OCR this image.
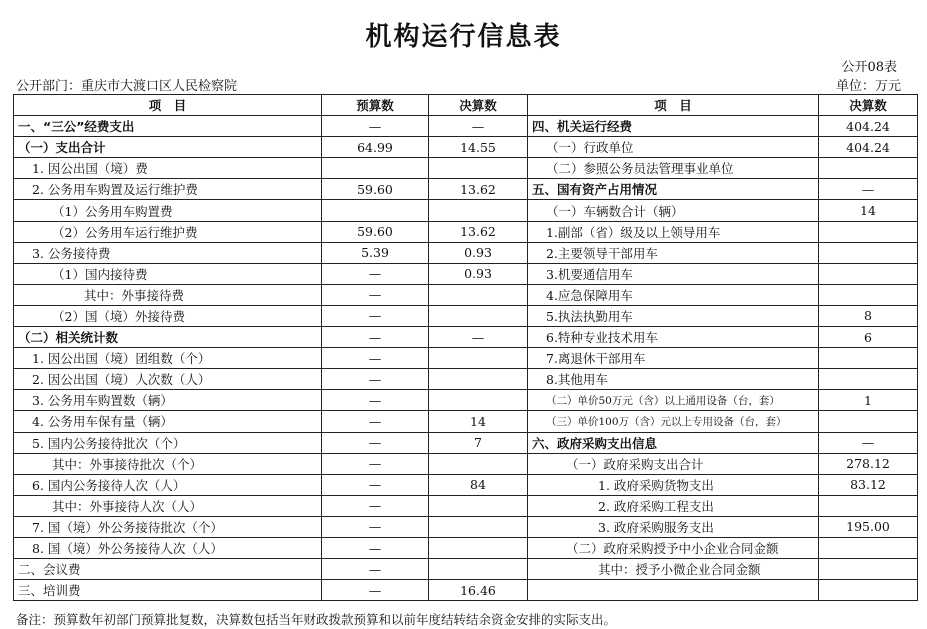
机构运行信息表
公开08表
公开部门：重庆市大渡口区人民检察院	单位：万元
项　目	预算数	决算数	项　目	决算数
一、“三公”经费支出	—	—	四、机关运行经费	404.24
（一）支出合计	64.99	14.55	（一）行政单位	404.24
1. 因公出国（境）费			（二）参照公务员法管理事业单位	
2. 公务用车购置及运行维护费	59.60	13.62	五、国有资产占用情况	—
（1）公务用车购置费			（一）车辆数合计（辆）	14
（2）公务用车运行维护费	59.60	13.62	1.副部（省）级及以上领导用车	
3. 公务接待费	5.39	0.93	2.主要领导干部用车	
（1）国内接待费	—	0.93	3.机要通信用车	
其中：外事接待费	—		4.应急保障用车	
（2）国（境）外接待费	—		5.执法执勤用车	8
（二）相关统计数	—	—	6.特种专业技术用车	6
1. 因公出国（境）团组数（个）	—		7.离退休干部用车	
2. 因公出国（境）人次数（人）	—		8.其他用车	
3. 公务用车购置数（辆）	—		（二）单价50万元（含）以上通用设备（台，套）	1
4. 公务用车保有量（辆）	—	14	（三）单价100万（含）元以上专用设备（台，套）	
5. 国内公务接待批次（个）	—	7	六、政府采购支出信息	—
其中：外事接待批次（个）	—		（一）政府采购支出合计	278.12
6. 国内公务接待人次（人）	—	84	1. 政府采购货物支出	83.12
其中：外事接待人次（人）	—		2. 政府采购工程支出	
7. 国（境）外公务接待批次（个）	—		3. 政府采购服务支出	195.00
8. 国（境）外公务接待人次（人）	—		（二）政府采购授予中小企业合同金额	
二、会议费	—		其中：授予小微企业合同金额	
三、培训费	—	16.46		
备注：预算数年初部门预算批复数，决算数包括当年财政拨款预算和以前年度结转结余资金安排的实际支出。
